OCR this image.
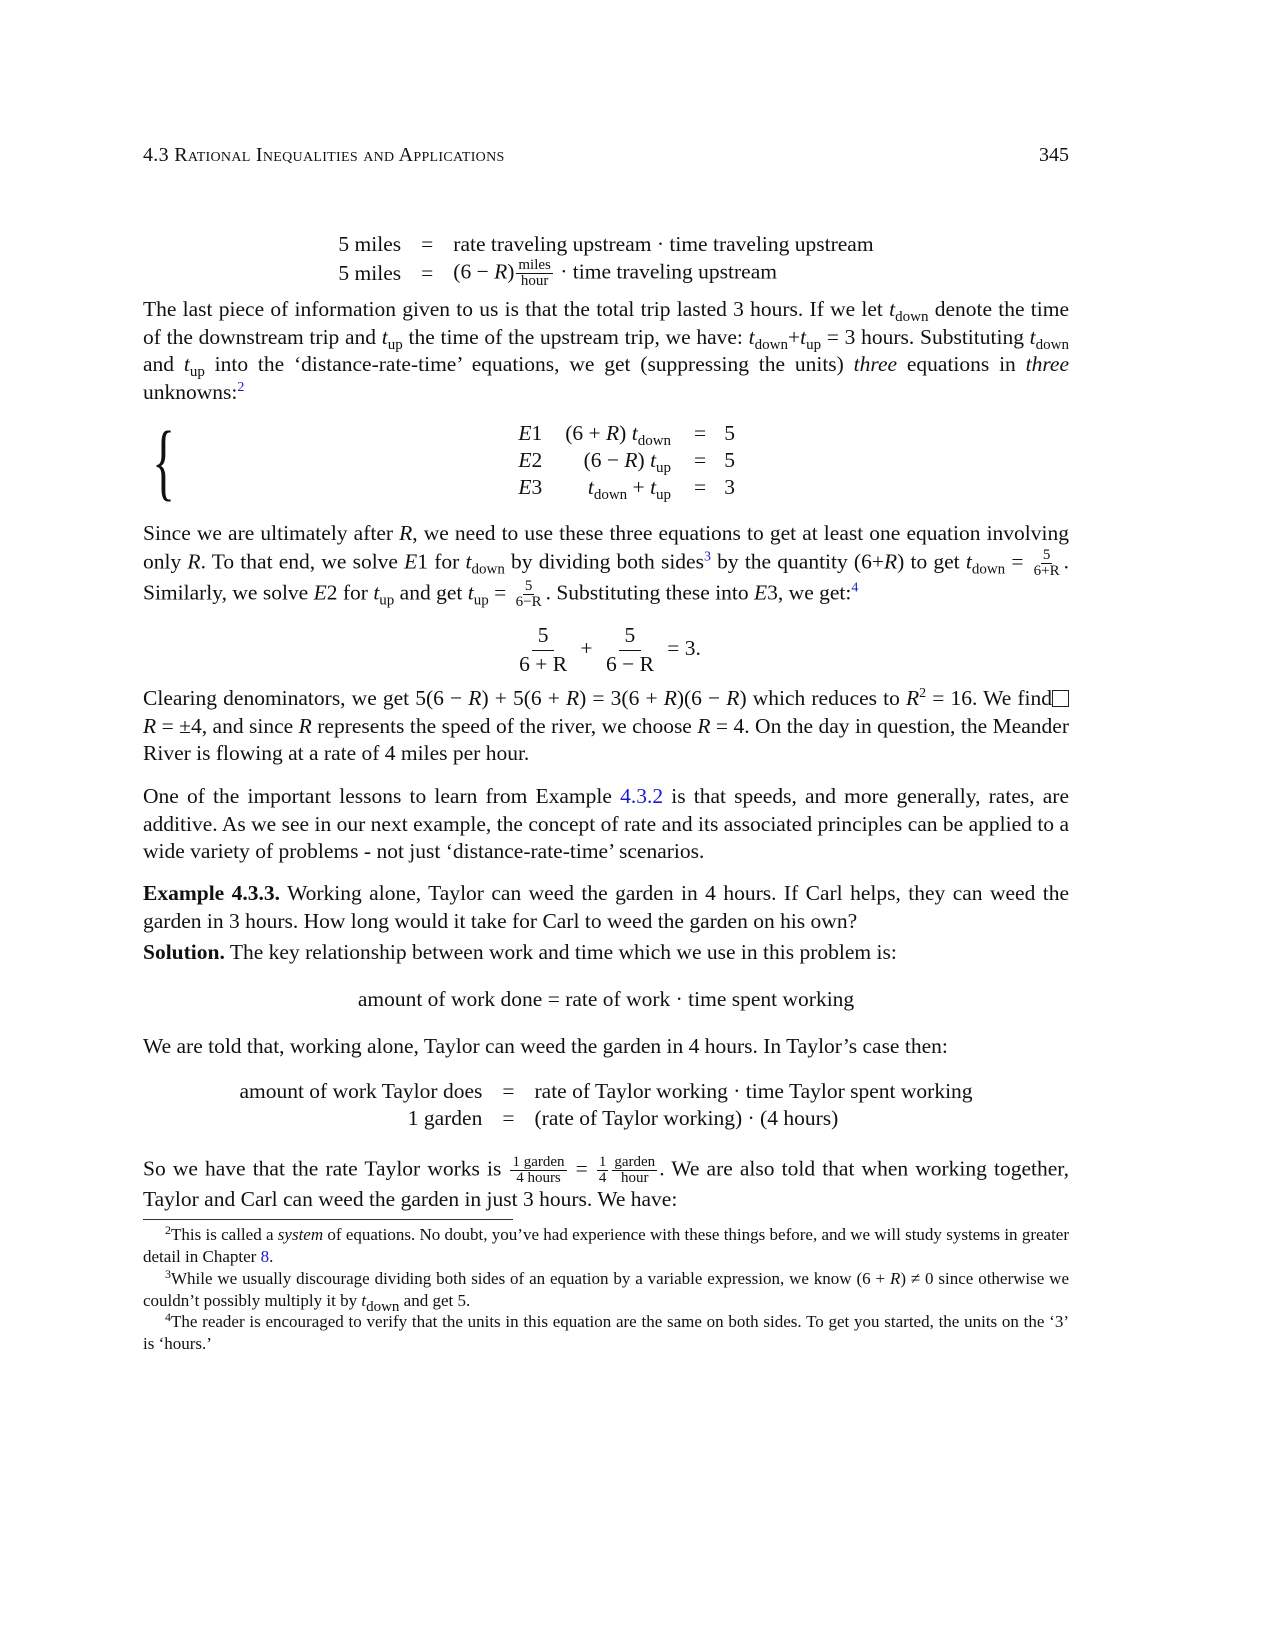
4.3 Rational Inequalities and Applications	345
5 miles	=	rate traveling upstream · time traveling upstream
5 miles	=	$(6 - R) \frac{\text{miles}}{\text{hour}}$ · time traveling upstream
The last piece of information given to us is that the total trip lasted 3 hours. If we let $t_{down}$ denote the time of the downstream trip and $t_{up}$ the time of the upstream trip, we have: $t_{down}+t_{up} = 3$ hours. Substituting $t_{down}$ and $t_{up}$ into the ‘distance-rate-time’ equations, we get (suppressing the units) three equations in three unknowns:$^2$
{	E1	(6 + R) $t_{down}$	=	5
E2	(6 − R) $t_{up}$	=	5
E3	$t_{down} + t_{up}$	=	3
Since we are ultimately after R, we need to use these three equations to get at least one equation involving only R. To that end, we solve E1 for $t_{down}$ by dividing both sides$^3$ by the quantity (6+R) to get $t_{down} = \frac{5}{6+R}$ . Similarly, we solve E2 for $t_{up}$ and get $t_{up} = \frac{5}{6-R}$ . Substituting these into E3, we get:$^4$
$\frac{5}{6 + R} + \frac{5}{6 - R} = 3$.
Clearing denominators, we get 5(6 − R) + 5(6 + R) = 3(6 + R)(6 − R) which reduces to $R^2 = 16$. We find R = ±4, and since R represents the speed of the river, we choose R = 4. On the day in question, the Meander River is flowing at a rate of 4 miles per hour.
One of the important lessons to learn from Example 4.3.2 is that speeds, and more generally, rates, are additive. As we see in our next example, the concept of rate and its associated principles can be applied to a wide variety of problems - not just ‘distance-rate-time’ scenarios.
Example 4.3.3. Working alone, Taylor can weed the garden in 4 hours. If Carl helps, they can weed the garden in 3 hours. How long would it take for Carl to weed the garden on his own?
Solution. The key relationship between work and time which we use in this problem is:
amount of work done = rate of work · time spent working
We are told that, working alone, Taylor can weed the garden in 4 hours. In Taylor’s case then:
amount of work Taylor does	=	rate of Taylor working · time Taylor spent working
1 garden	=	(rate of Taylor working) · (4 hours)
So we have that the rate Taylor works is $\frac{\text{1 garden}}{\text{4 hours}} = \frac{1}{4} \frac{\text{garden}}{\text{hour}}$ . We are also told that when working together, Taylor and Carl can weed the garden in just 3 hours. We have:
$^2$This is called a system of equations. No doubt, you’ve had experience with these things before, and we will study systems in greater detail in Chapter 8.
$^3$While we usually discourage dividing both sides of an equation by a variable expression, we know (6 + R) ≠ 0 since otherwise we couldn’t possibly multiply it by $t_{down}$ and get 5.
$^4$The reader is encouraged to verify that the units in this equation are the same on both sides. To get you started, the units on the ‘3’ is ‘hours.’
